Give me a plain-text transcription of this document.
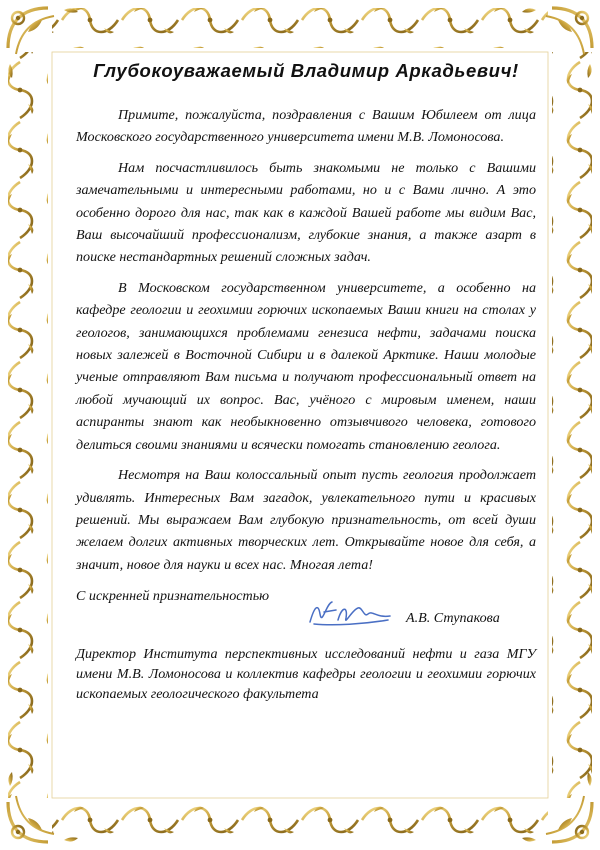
Глубокоуважаемый Владимир Аркадьевич!

Примите, пожалуйста, поздравления с Вашим Юбилеем от лица Московского государственного университета имени М.В. Ломоносова.

Нам посчастливилось быть знакомыми не только с Вашими замечательными и интересными работами, но и с Вами лично. А это особенно дорого для нас, так как в каждой Вашей работе мы видим Вас, Ваш высочайший профессионализм, глубокие знания, а также азарт в поиске нестандартных решений сложных задач.

В Московском государственном университете, а особенно на кафедре геологии и геохимии горючих ископаемых Ваши книги на столах у геологов, занимающихся проблемами генезиса нефти, задачами поиска новых залежей в Восточной Сибири и в далекой Арктике. Наши молодые ученые отправляют Вам письма и получают профессиональный ответ на любой мучающий их вопрос. Вас, учёного с мировым именем, наши аспиранты знают как необыкновенно отзывчивого человека, готового делиться своими знаниями и всячески помогать становлению геолога.

Несмотря на Ваш колоссальный опыт пусть геология продолжает удивлять. Интересных Вам загадок, увлекательного пути и красивых решений. Мы выражаем Вам глубокую признательность, от всей души желаем долгих активных творческих лет. Открывайте новое для себя, а значит, новое для науки и всех нас. Многая лета!

С искренней признательностью
А.В. Ступакова

Директор Института перспективных исследований нефти и газа МГУ имени М.В. Ломоносова и коллектив кафедры геологии и геохимии горючих ископаемых геологического факультета
